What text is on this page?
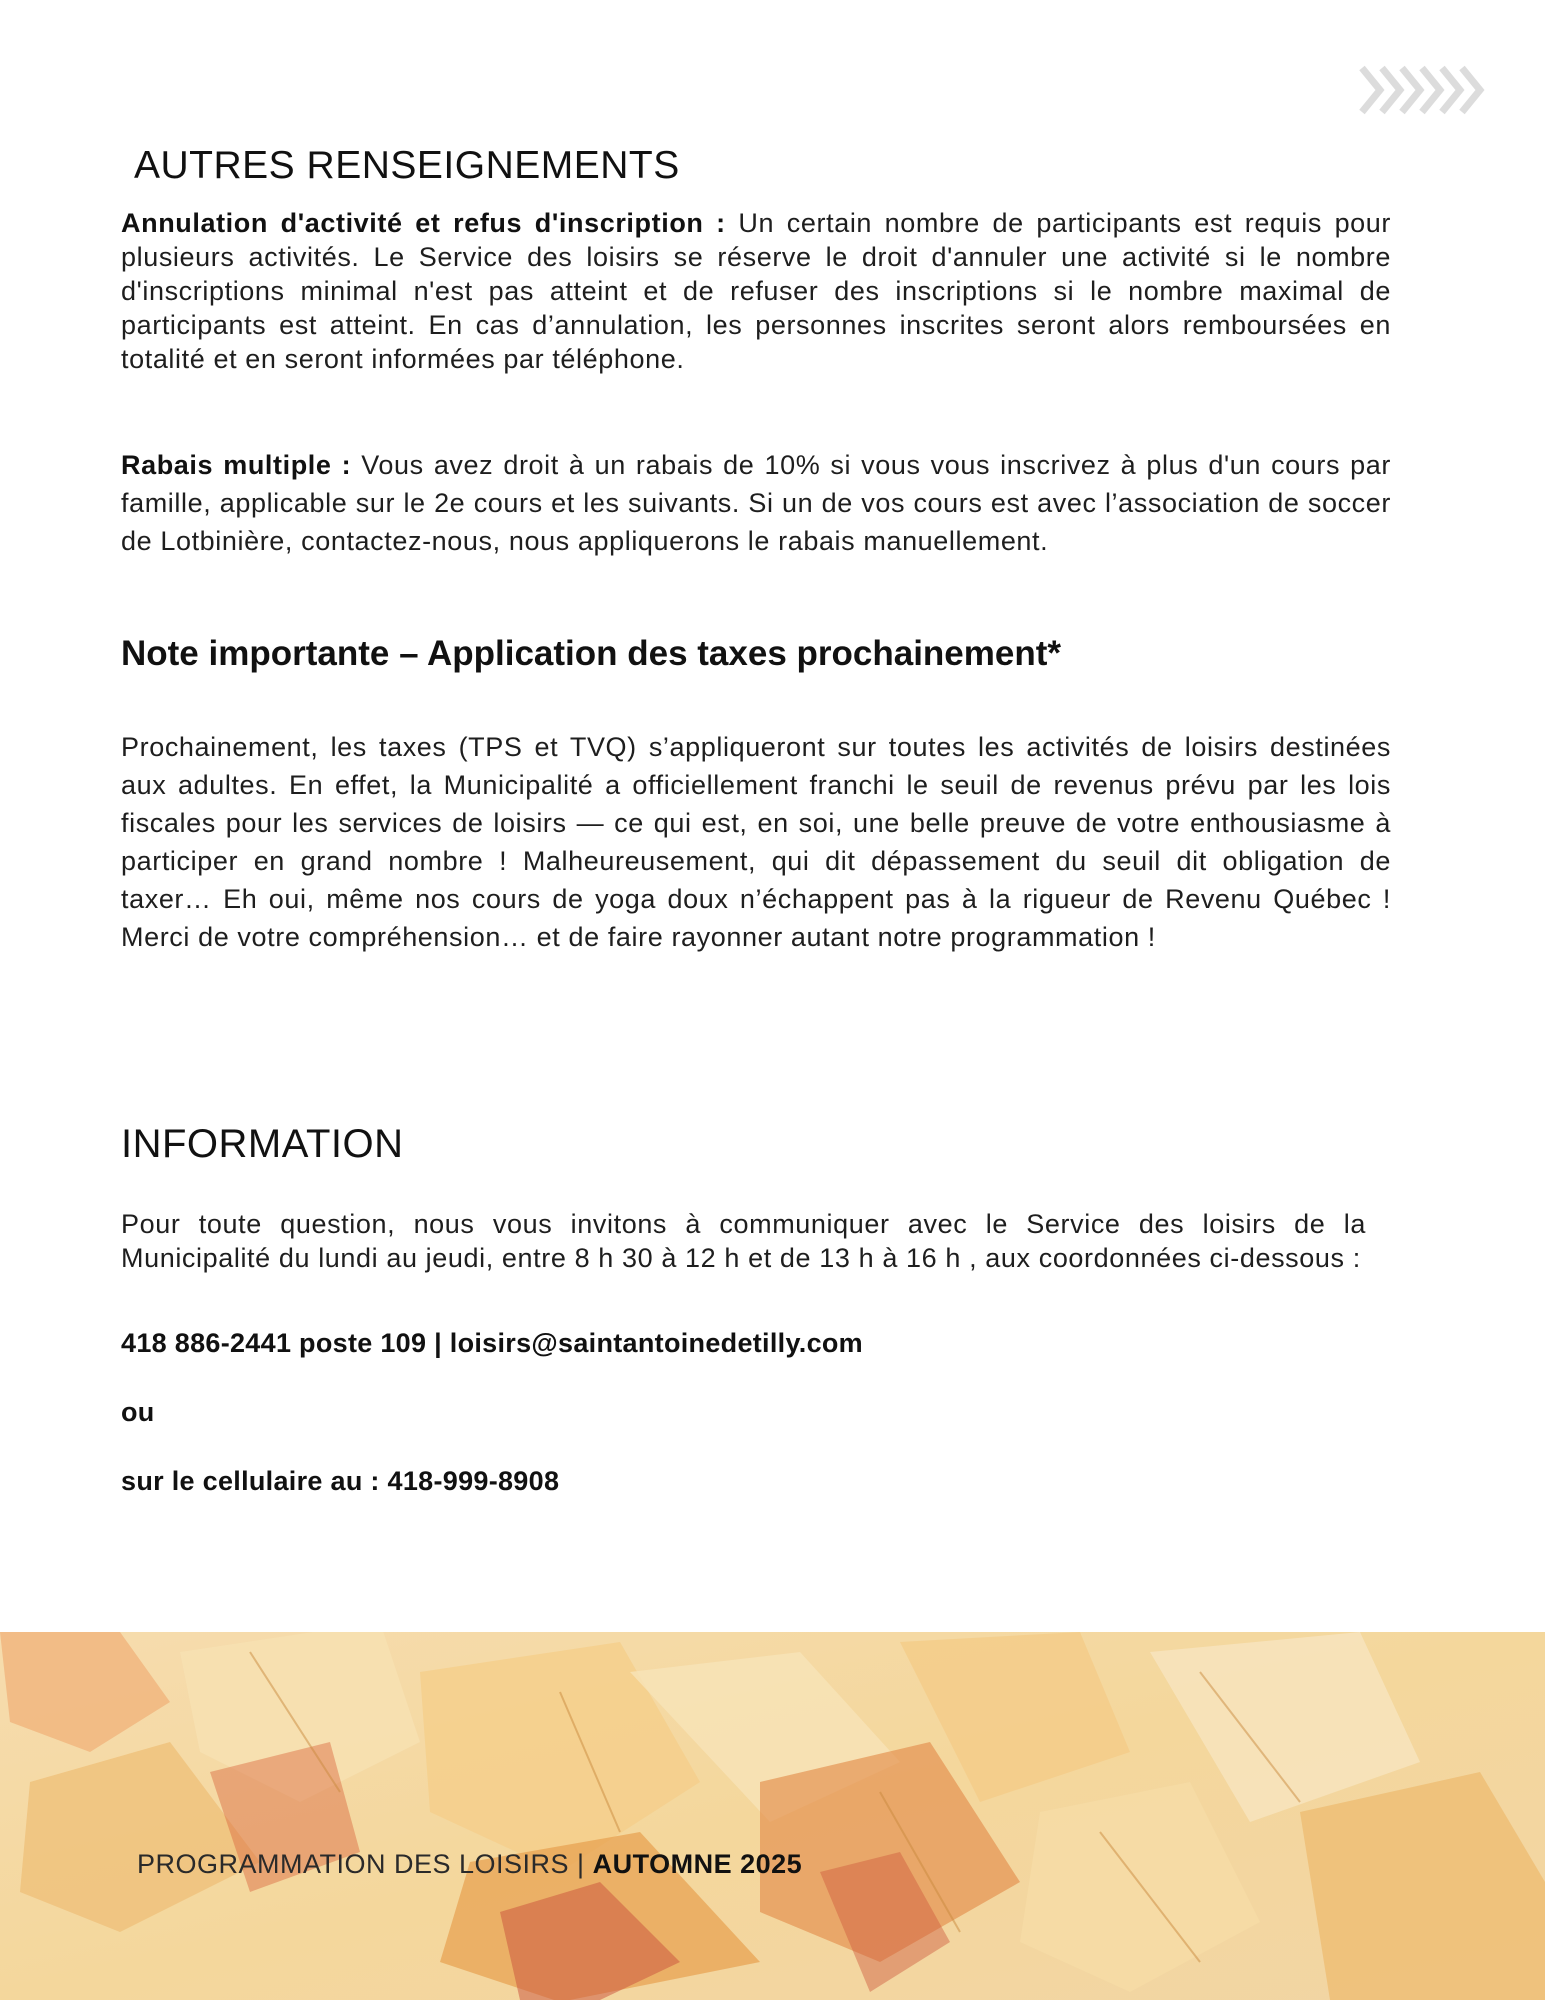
AUTRES RENSEIGNEMENTS

Annulation d'activité et refus d'inscription : Un certain nombre de participants est requis pour plusieurs activités. Le Service des loisirs se réserve le droit d'annuler une activité si le nombre d'inscriptions minimal n'est pas atteint et de refuser des inscriptions si le nombre maximal de participants est atteint. En cas d’annulation, les personnes inscrites seront alors remboursées en totalité et en seront informées par téléphone.

Rabais multiple : Vous avez droit à un rabais de 10% si vous vous inscrivez à plus d'un cours par famille, applicable sur le 2e cours et les suivants. Si un de vos cours est avec l’association de soccer de Lotbinière, contactez-nous, nous appliquerons le rabais manuellement.

Note importante – Application des taxes prochainement*

Prochainement, les taxes (TPS et TVQ) s’appliqueront sur toutes les activités de loisirs destinées aux adultes. En effet, la Municipalité a officiellement franchi le seuil de revenus prévu par les lois fiscales pour les services de loisirs — ce qui est, en soi, une belle preuve de votre enthousiasme à participer en grand nombre ! Malheureusement, qui dit dépassement du seuil dit obligation de taxer… Eh oui, même nos cours de yoga doux n’échappent pas à la rigueur de Revenu Québec ! Merci de votre compréhension… et de faire rayonner autant notre programmation !

INFORMATION

Pour toute question, nous vous invitons à communiquer avec le Service des loisirs de la Municipalité du lundi au jeudi, entre 8 h 30 à 12 h et de 13 h à 16 h , aux coordonnées ci-dessous :

418 886-2441 poste 109 | loisirs@saintantoinedetilly.com

ou

sur le cellulaire au : 418-999-8908

PROGRAMMATION DES LOISIRS | AUTOMNE 2025
